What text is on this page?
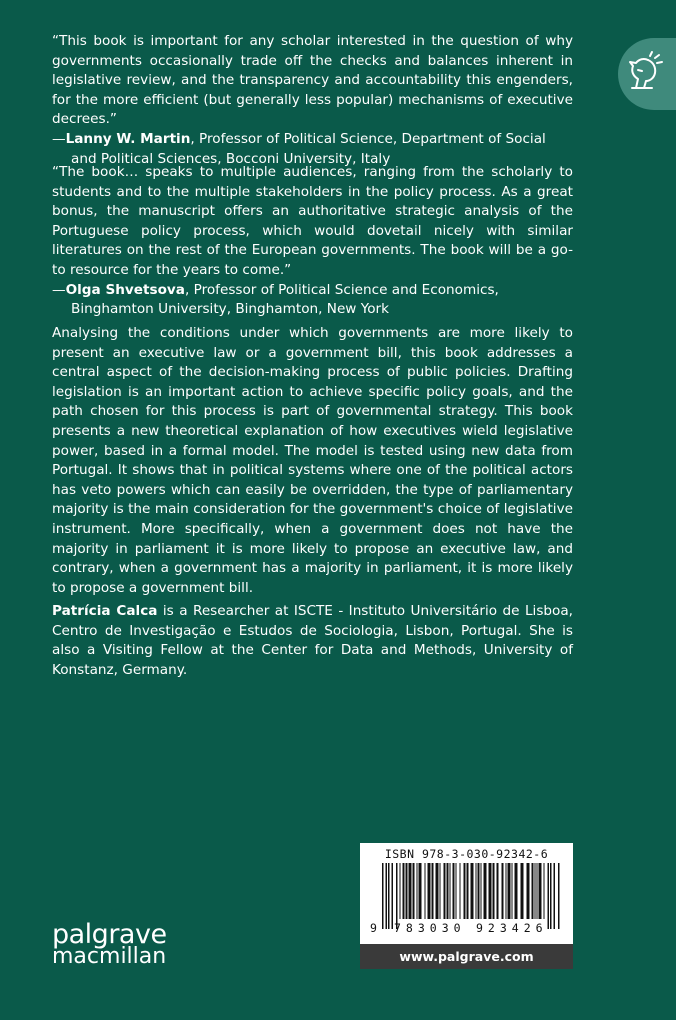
“This book is important for any scholar interested in the question of why governments occasionally trade off the checks and balances inherent in legislative review, and the transparency and accountability this engenders, for the more efficient (but generally less popular) mechanisms of executive decrees.”
—Lanny W. Martin, Professor of Political Science, Department of Social and Political Sciences, Bocconi University, Italy
“The book… speaks to multiple audiences, ranging from the scholarly to students and to the multiple stakeholders in the policy process. As a great bonus, the manuscript offers an authoritative strategic analysis of the Portuguese policy process, which would dovetail nicely with similar literatures on the rest of the European governments. The book will be a go-to resource for the years to come.”
—Olga Shvetsova, Professor of Political Science and Economics, Binghamton University, Binghamton, New York
Analysing the conditions under which governments are more likely to present an executive law or a government bill, this book addresses a central aspect of the decision-making process of public policies. Drafting legislation is an important action to achieve specific policy goals, and the path chosen for this process is part of governmental strategy. This book presents a new theoretical explanation of how executives wield legislative power, based in a formal model. The model is tested using new data from Portugal. It shows that in political systems where one of the political actors has veto powers which can easily be overridden, the type of parliamentary majority is the main consideration for the government's choice of legislative instrument. More specifically, when a government does not have the majority in parliament it is more likely to propose an executive law, and contrary, when a government has a majority in parliament, it is more likely to propose a government bill.
Patrícia Calca is a Researcher at ISCTE - Instituto Universitário de Lisboa, Centro de Investigação e Estudos de Sociologia, Lisbon, Portugal. She is also a Visiting Fellow at the Center for Data and Methods, University of Konstanz, Germany.
ISBN 978-3-030-92342-6
9 783030 923426
www.palgrave.com
palgrave
macmillan
